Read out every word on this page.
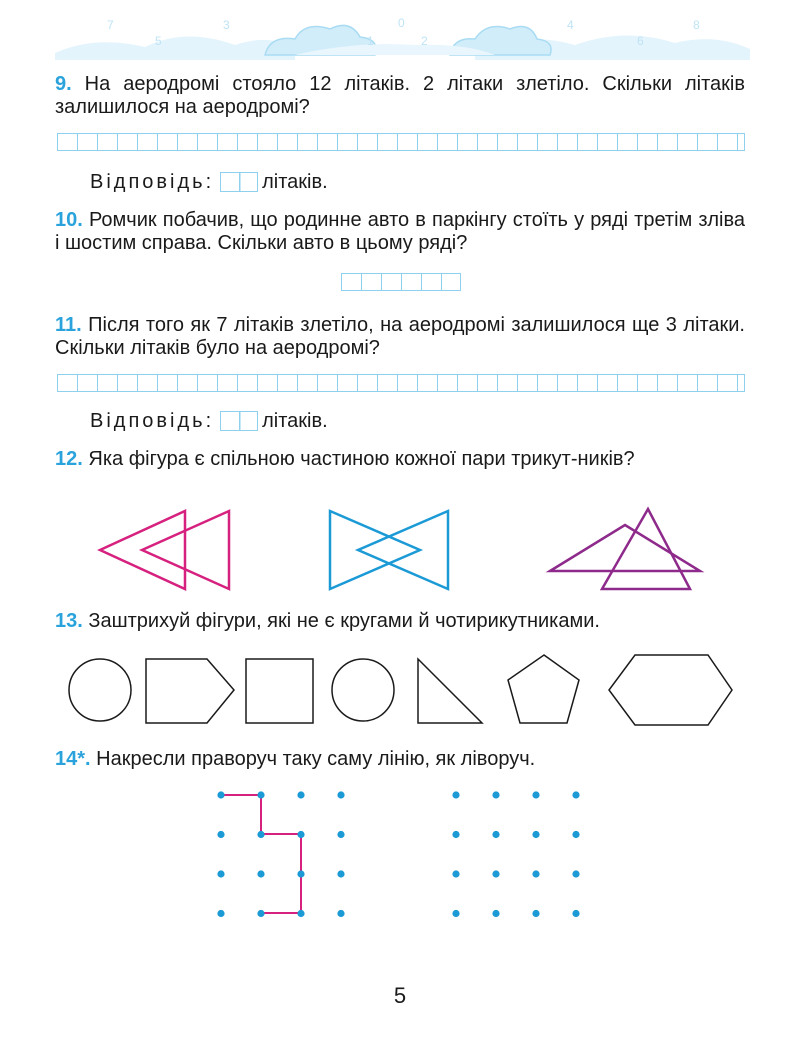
7
5
3
1
0
2
4
6
8
9. На аеродромі стояло 12 літаків. 2 літаки злетіло. Скільки літаків залишилося на аеродромі?
Відповідь: літаків.
10. Ромчик побачив, що родинне авто в паркінгу стоїть у ряді третім зліва і шостим справа. Скільки авто в цьому ряді?
11. Після того як 7 літаків злетіло, на аеродромі залишилося ще 3 літаки. Скільки літаків було на аеродромі?
Відповідь: літаків.
12. Яка фігура є спільною частиною кожної пари трикут-ників?
13. Заштрихуй фігури, які не є кругами й чотирикутниками.
14*. Накресли праворуч таку саму лінію, як ліворуч.
5
